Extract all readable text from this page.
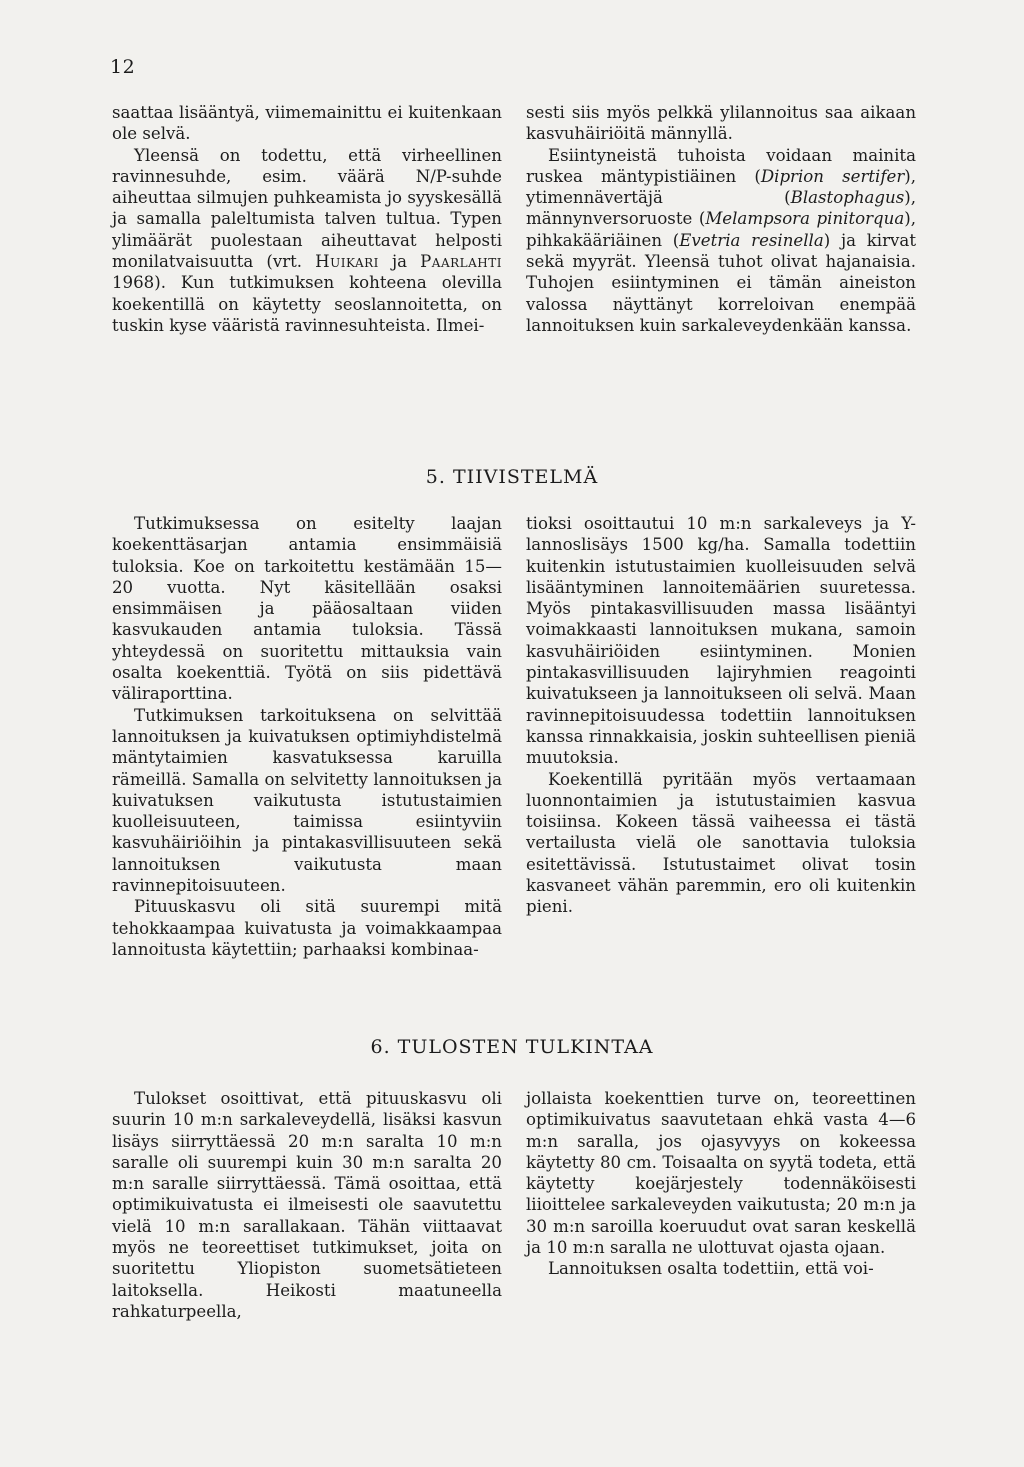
12

saattaa lisääntyä, viimemainittu ei kuitenkaan ole selvä.

Yleensä on todettu, että virheellinen ravinnesuhde, esim. väärä N/P-suhde aiheuttaa silmujen puhkeamista jo syyskesällä ja samalla paleltumista talven tultua. Typen ylimäärät puolestaan aiheuttavat helposti monilatvaisuutta (vrt. Huikari ja Paarlahti 1968). Kun tutkimuksen kohteena olevilla koekentillä on käytetty seoslannoitetta, on tuskin kyse vääristä ravinnesuhteista. Ilmei-

sesti siis myös pelkkä ylilannoitus saa aikaan kasvuhäiriöitä männyllä.

Esiintyneistä tuhoista voidaan mainita ruskea mäntypistiäinen (Diprion sertifer), ytimennävertäjä (Blastophagus), männynversoruoste (Melampsora pinitorqua), pihkakääriäinen (Evetria resinella) ja kirvat sekä myyrät. Yleensä tuhot olivat hajanaisia. Tuhojen esiintyminen ei tämän aineiston valossa näyttänyt korreloivan enempää lannoituksen kuin sarkaleveydenkään kanssa.

5. TIIVISTELMÄ

Tutkimuksessa on esitelty laajan koekenttäsarjan antamia ensimmäisiä tuloksia. Koe on tarkoitettu kestämään 15—20 vuotta. Nyt käsitellään osaksi ensimmäisen ja pääosaltaan viiden kasvukauden antamia tuloksia. Tässä yhteydessä on suoritettu mittauksia vain osalta koekenttiä. Työtä on siis pidettävä väliraporttina.

Tutkimuksen tarkoituksena on selvittää lannoituksen ja kuivatuksen optimiyhdistelmä mäntytaimien kasvatuksessa karuilla rämeillä. Samalla on selvitetty lannoituksen ja kuivatuksen vaikutusta istutustaimien kuolleisuuteen, taimissa esiintyviin kasvuhäiriöihin ja pintakasvillisuuteen sekä lannoituksen vaikutusta maan ravinnepitoisuuteen.

Pituuskasvu oli sitä suurempi mitä tehokkaampaa kuivatusta ja voimakkaampaa lannoitusta käytettiin; parhaaksi kombinaa-

tioksi osoittautui 10 m:n sarkaleveys ja Y-lannoslisäys 1500 kg/ha. Samalla todettiin kuitenkin istutustaimien kuolleisuuden selvä lisääntyminen lannoitemäärien suuretessa. Myös pintakasvillisuuden massa lisääntyi voimakkaasti lannoituksen mukana, samoin kasvuhäiriöiden esiintyminen. Monien pintakasvillisuuden lajiryhmien reagointi kuivatukseen ja lannoitukseen oli selvä. Maan ravinnepitoisuudessa todettiin lannoituksen kanssa rinnakkaisia, joskin suhteellisen pieniä muutoksia.

Koekentillä pyritään myös vertaamaan luonnontaimien ja istutustaimien kasvua toisiinsa. Kokeen tässä vaiheessa ei tästä vertailusta vielä ole sanottavia tuloksia esitettävissä. Istutustaimet olivat tosin kasvaneet vähän paremmin, ero oli kuitenkin pieni.

6. TULOSTEN TULKINTAA

Tulokset osoittivat, että pituuskasvu oli suurin 10 m:n sarkaleveydellä, lisäksi kasvun lisäys siirryttäessä 20 m:n saralta 10 m:n saralle oli suurempi kuin 30 m:n saralta 20 m:n saralle siirryttäessä. Tämä osoittaa, että optimikuivatusta ei ilmeisesti ole saavutettu vielä 10 m:n sarallakaan. Tähän viittaavat myös ne teoreettiset tutkimukset, joita on suoritettu Yliopiston suometsätieteen laitoksella. Heikosti maatuneella rahkaturpeella,

jollaista koekenttien turve on, teoreettinen optimikuivatus saavutetaan ehkä vasta 4—6 m:n saralla, jos ojasyvyys on kokeessa käytetty 80 cm. Toisaalta on syytä todeta, että käytetty koejärjestely todennäköisesti liioittelee sarkaleveyden vaikutusta; 20 m:n ja 30 m:n saroilla koeruudut ovat saran keskellä ja 10 m:n saralla ne ulottuvat ojasta ojaan.

Lannoituksen osalta todettiin, että voi-
